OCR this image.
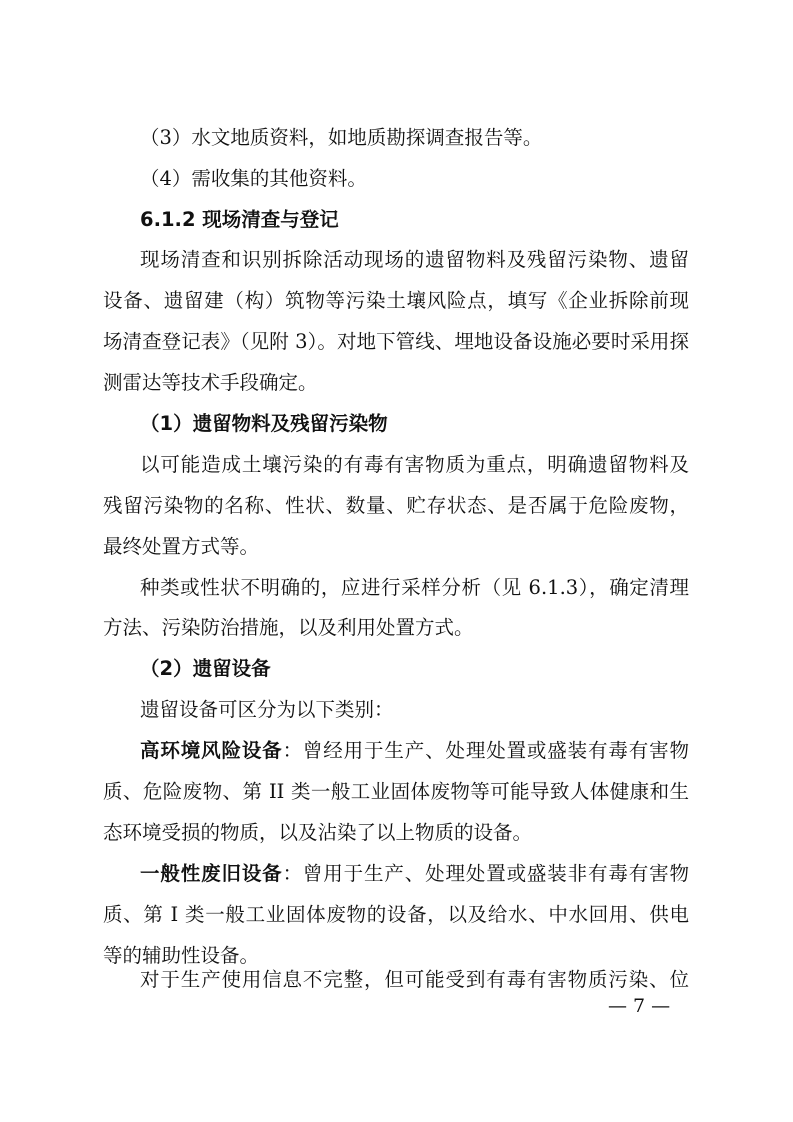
（3）水文地质资料，如地质勘探调查报告等。

（4）需收集的其他资料。

6.1.2 现场清查与登记

现场清查和识别拆除活动现场的遗留物料及残留污染物、遗留

设备、遗留建（构）筑物等污染土壤风险点，填写《企业拆除前现

场清查登记表》（见附 3）。对地下管线、埋地设备设施必要时采用探

测雷达等技术手段确定。

（1）遗留物料及残留污染物

以可能造成土壤污染的有毒有害物质为重点，明确遗留物料及

残留污染物的名称、性状、数量、贮存状态、是否属于危险废物，

最终处置方式等。

种类或性状不明确的，应进行采样分析（见 6.1.3），确定清理

方法、污染防治措施，以及利用处置方式。

（2）遗留设备

遗留设备可区分为以下类别：

高环境风险设备：曾经用于生产、处理处置或盛装有毒有害物

质、危险废物、第 II 类一般工业固体废物等可能导致人体健康和生

态环境受损的物质，以及沾染了以上物质的设备。

一般性废旧设备：曾用于生产、处理处置或盛装非有毒有害物

质、第 I 类一般工业固体废物的设备，以及给水、中水回用、供电

等的辅助性设备。

对于生产使用信息不完整，但可能受到有毒有害物质污染、位

— 7 —
